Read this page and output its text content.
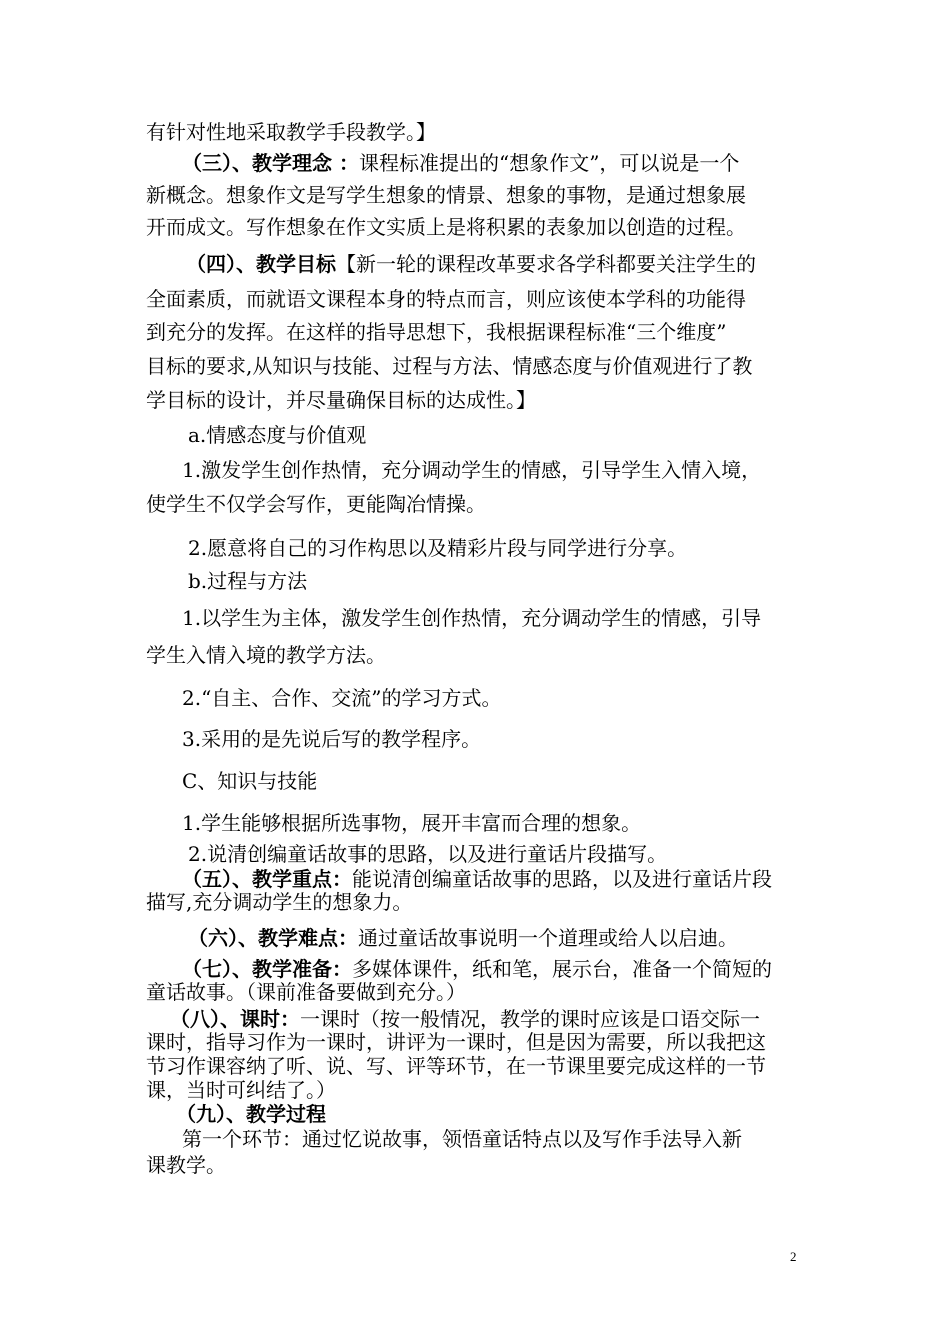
有针对性地采取教学手段教学。】
（三）、教学理念 ：课程标准提出的“想象作文”，可以说是一个
新概念。想象作文是写学生想象的情景、想象的事物，是通过想象展
开而成文。写作想象在作文实质上是将积累的表象加以创造的过程。
（四）、教学目标【新一轮的课程改革要求各学科都要关注学生的
全面素质，而就语文课程本身的特点而言，则应该使本学科的功能得
到充分的发挥。在这样的指导思想下，我根据课程标准“三个维度”
目标的要求,从知识与技能、过程与方法、情感态度与价值观进行了教
学目标的设计，并尽量确保目标的达成性。】
a.情感态度与价值观
1.激发学生创作热情，充分调动学生的情感，引导学生入情入境，
使学生不仅学会写作，更能陶冶情操。
2.愿意将自己的习作构思以及精彩片段与同学进行分享。
b.过程与方法
1.以学生为主体，激发学生创作热情，充分调动学生的情感，引导
学生入情入境的教学方法。
2.“自主、合作、交流”的学习方式。
3.采用的是先说后写的教学程序。
C、知识与技能
1.学生能够根据所选事物，展开丰富而合理的想象。
2.说清创编童话故事的思路，以及进行童话片段描写。
（五）、教学重点：能说清创编童话故事的思路，以及进行童话片段
描写,充分调动学生的想象力。
（六）、教学难点：通过童话故事说明一个道理或给人以启迪。
（七）、教学准备：多媒体课件，纸和笔，展示台，准备一个简短的
童话故事。（课前准备要做到充分。）
（八）、课时：一课时（按一般情况，教学的课时应该是口语交际一
课时，指导习作为一课时，讲评为一课时，但是因为需要，所以我把这
节习作课容纳了听、说、写、评等环节，在一节课里要完成这样的一节
课，当时可纠结了。）
（九）、教学过程
第一个环节：通过忆说故事，领悟童话特点以及写作手法导入新
课教学。
2
